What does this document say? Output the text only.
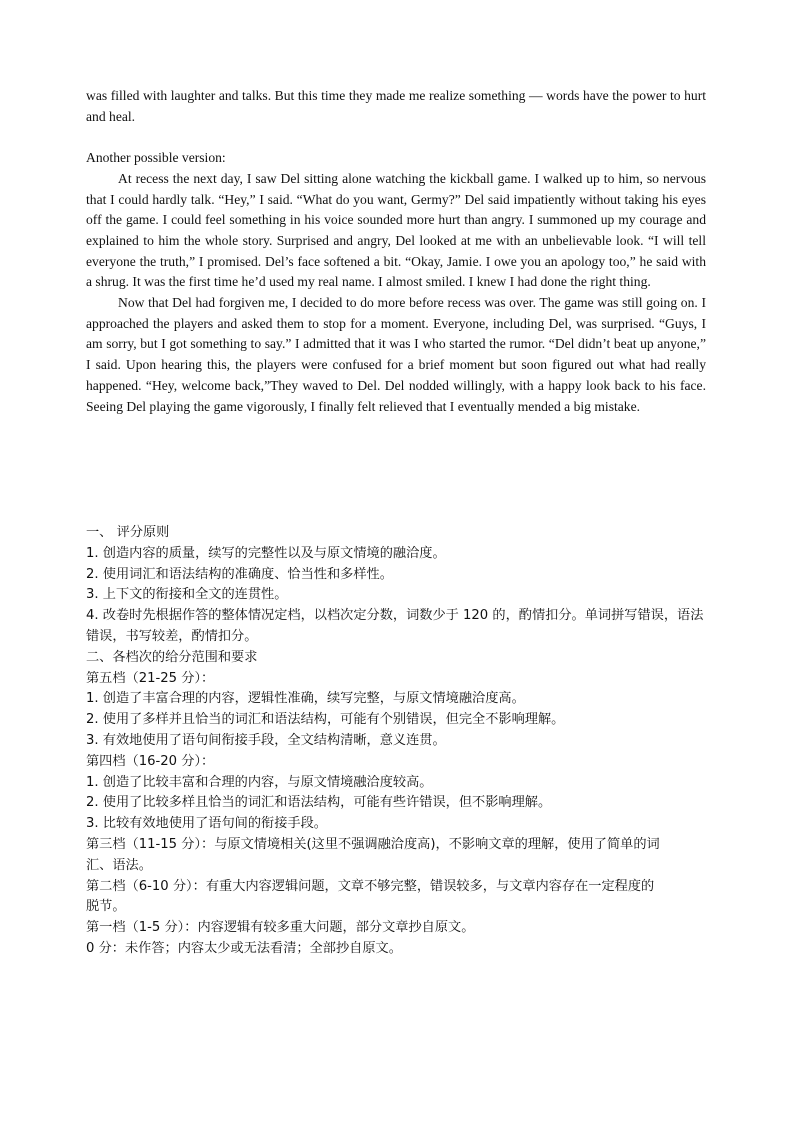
was filled with laughter and talks. But this time they made me realize something — words have the power to hurt and heal.

Another possible version:

At recess the next day, I saw Del sitting alone watching the kickball game. I walked up to him, so nervous that I could hardly talk. “Hey,” I said. “What do you want, Germy?” Del said impatiently without taking his eyes off the game. I could feel something in his voice sounded more hurt than angry. I summoned up my courage and explained to him the whole story. Surprised and angry, Del looked at me with an unbelievable look. “I will tell everyone the truth,” I promised. Del’s face softened a bit. “Okay, Jamie. I owe you an apology too,” he said with a shrug. It was the first time he’d used my real name. I almost smiled. I knew I had done the right thing.

Now that Del had forgiven me, I decided to do more before recess was over. The game was still going on. I approached the players and asked them to stop for a moment. Everyone, including Del, was surprised. “Guys, I am sorry, but I got something to say.” I admitted that it was I who started the rumor. “Del didn’t beat up anyone,” I said. Upon hearing this, the players were confused for a brief moment but soon figured out what had really happened. “Hey, welcome back,”They waved to Del. Del nodded willingly, with a happy look back to his face. Seeing Del playing the game vigorously, I finally felt relieved that I eventually mended a big mistake.

一、 评分原则

1. 创造内容的质量，续写的完整性以及与原文情境的融洽度。

2. 使用词汇和语法结构的准确度、恰当性和多样性。

3. 上下文的衔接和全文的连贯性。

4. 改卷时先根据作答的整体情况定档，以档次定分数，词数少于 120 的，酌情扣分。单词拼写错误，语法错误，书写较差，酌情扣分。

二、各档次的给分范围和要求

第五档（21-25 分）：

1. 创造了丰富合理的内容，逻辑性准确，续写完整，与原文情境融洽度高。

2. 使用了多样并且恰当的词汇和语法结构，可能有个别错误，但完全不影响理解。

3. 有效地使用了语句间衔接手段，全文结构清晰，意义连贯。

第四档（16-20 分）：

1. 创造了比较丰富和合理的内容，与原文情境融洽度较高。

2. 使用了比较多样且恰当的词汇和语法结构，可能有些许错误，但不影响理解。

3. 比较有效地使用了语句间的衔接手段。

第三档（11-15 分）：与原文情境相关(这里不强调融洽度高)，不影响文章的理解，使用了简单的词

汇、语法。

第二档（6-10 分）：有重大内容逻辑问题，文章不够完整，错误较多，与文章内容存在一定程度的

脱节。

第一档（1-5 分）：内容逻辑有较多重大问题，部分文章抄自原文。

0 分：未作答；内容太少或无法看清；全部抄自原文。
